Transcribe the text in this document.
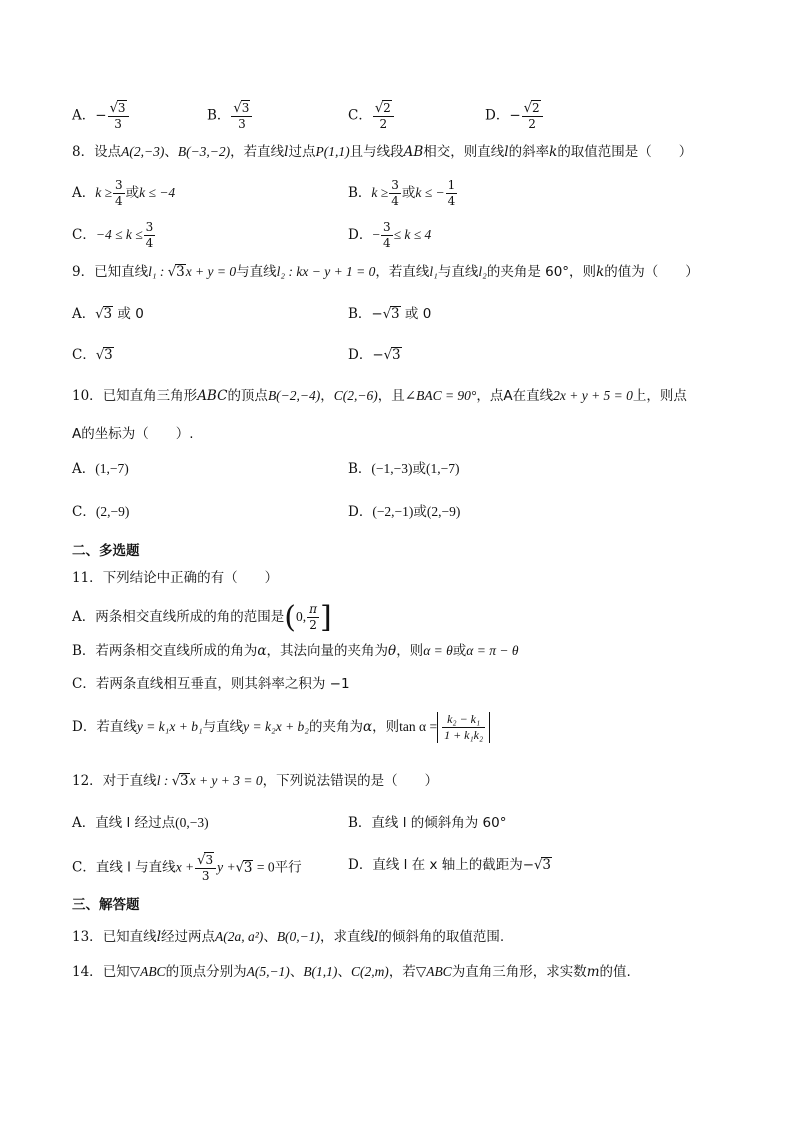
A．− $\frac{√3}{3}$	B． $\frac{√3}{3}$	C． $\frac{√2}{2}$	D．− $\frac{√2}{2}$
8．设点A(2,−3)、B(−3,−2)，若直线l过点P(1,1)且与线段AB相交，则直线l的斜率k的取值范围是（　　）
A．$k \ge \frac{3}{4}$ 或k ≤ −4	B．$k \ge \frac{3}{4}$ 或k ≤ − $\frac{1}{4}$
C．$-4 \le k \le \frac{3}{4}$	D．− $\frac{3}{4} \le k \le 4$
9．已知直线l₁ : √3x + y = 0与直线l₂ : kx − y + 1 = 0，若直线l₁与直线l₂的夹角是 60°，则k的值为（　　）
A．√3 或 0	B．−√3 或 0
C．√3	D．−√3
10．已知直角三角形ABC的顶点B(−2,−4)，C(2,−6)，且∠BAC = 90°，点A在直线2x + y + 5 = 0上，则点
A的坐标为（　　）.
A．(1,−7)	B．(−1,−3)或(1,−7)
C．(2,−9)	D．(−2,−1)或(2,−9)
二、多选题
11．下列结论中正确的有（　　）
A．两条相交直线所成的角的范围是(0, $\frac{\pi}{2}$ ]
B．若两条相交直线所成的角为α，其法向量的夹角为θ，则α = θ或α = π − θ
C．若两条直线相互垂直，则其斜率之积为 −1
D．若直线y = k₁x + b₁与直线y = k₂x + b₂的夹角为α，则$\tan \alpha = \frac{\text{k₂ − k₁}}{\text{1 + k₁k₂}}$
12．对于直线l : √3x + y + 3 = 0，下列说法错误的是（　　）
A．直线 l 经过点(0,−3)	B．直线 l 的倾斜角为 60°
C．直线 l 与直线$x + \frac{√3}{3}$ y +√3 = 0平行	D．直线 l 在 x 轴上的截距为−√3
三、解答题
13．已知直线l经过两点A(2a, a²)、B(0,−1)，求直线l的倾斜角的取值范围.
14．已知▽ABC的顶点分别为A(5,−1)、B(1,1)、C(2,m)，若▽ABC为直角三角形，求实数m的值.
